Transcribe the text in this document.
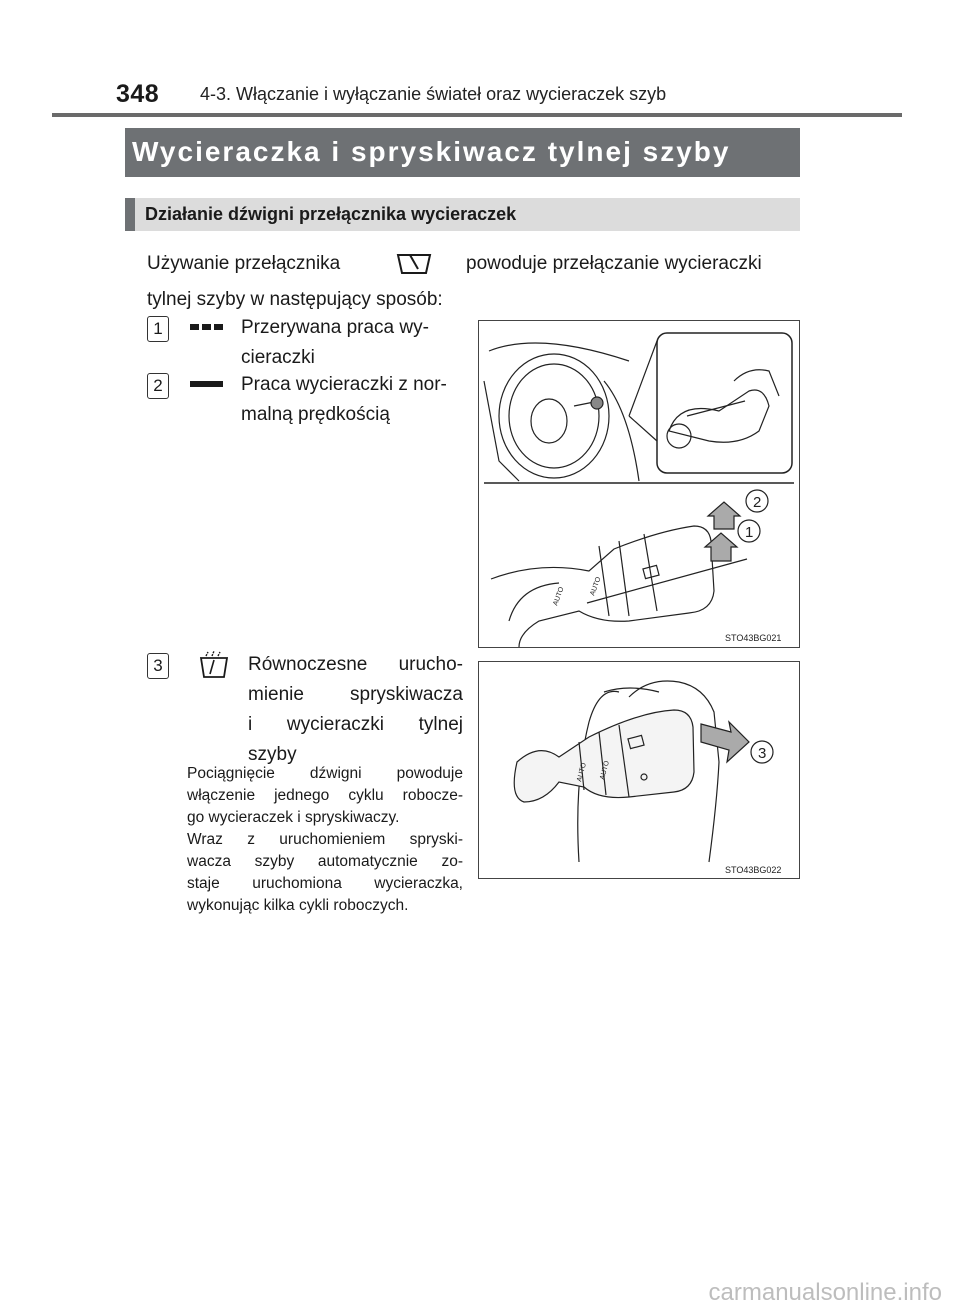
348 4-3. Włączanie i wyłączanie świateł oraz wycieraczek szyb
Wycieraczka i spryskiwacz tylnej szyby
Działanie dźwigni przełącznika wycieraczek
Używanie przełącznika	powoduje przełączanie wycieraczki
tylnej szyby w następujący sposób:
1	Przerywana praca wy-
cieraczki
2	Praca wycieraczki z nor-
malną prędkością
2
1
AUTO
AUTO
STO43BG021
3	Równoczesne urucho-
mienie spryskiwacza
i wycieraczki tylnej
szyby
Pociągnięcie dźwigni powoduje
włączenie jednego cyklu robocze-
go wycieraczek i spryskiwaczy.
Wraz z uruchomieniem spryski-
wacza szyby automatycznie zo-
staje uruchomiona wycieraczka,
wykonując kilka cykli roboczych.
3
AUTO AUTO
STO43BG022
carmanualsonline.info
